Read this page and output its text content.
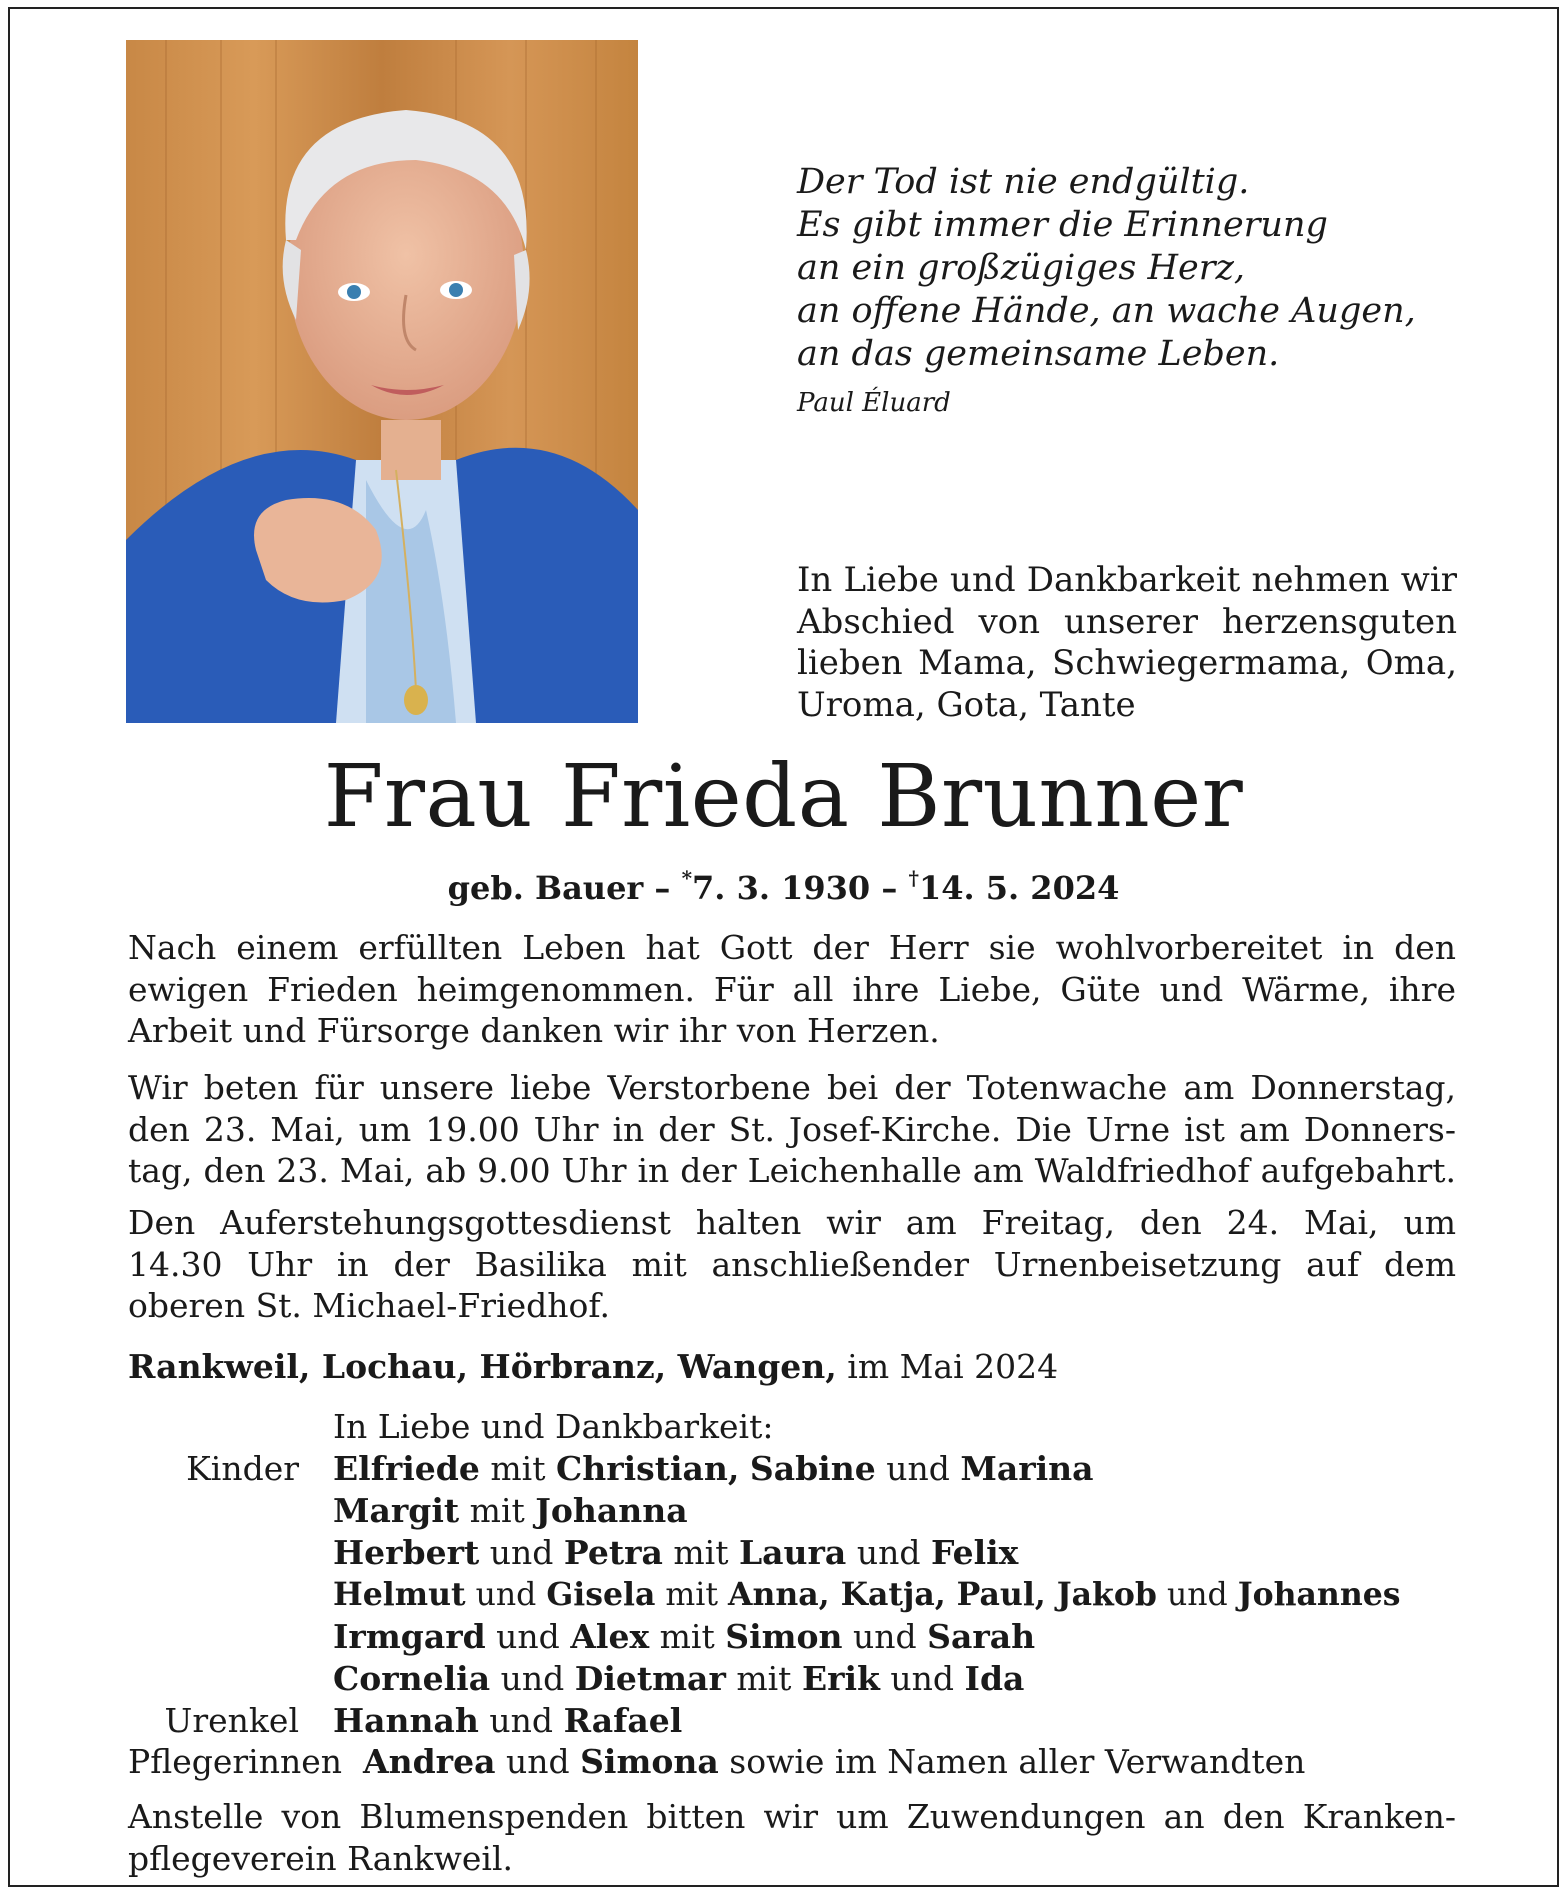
Der Tod ist nie endgültig.
Es gibt immer die Erinnerung
an ein großzügiges Herz,
an offene Hände, an wache Augen,
an das gemeinsame Leben.
Paul Éluard
In Liebe und Dankbarkeit nehmen wir
Abschied von unserer herzensguten
lieben Mama, Schwiegermama, Oma,
Uroma, Gota, Tante
Frau Frieda Brunner
geb. Bauer – *7. 3. 1930 – †14. 5. 2024
Nach einem erfüllten Leben hat Gott der Herr sie wohlvorbereitet in den
ewigen Frieden heimgenommen. Für all ihre Liebe, Güte und Wärme, ihre
Arbeit und Fürsorge danken wir ihr von Herzen.
Wir beten für unsere liebe Verstorbene bei der Totenwache am Donnerstag,
den 23. Mai, um 19.00 Uhr in der St. Josef-Kirche. Die Urne ist am Donners-
tag, den 23. Mai, ab 9.00 Uhr in der Leichenhalle am Waldfriedhof aufgebahrt.
Den Auferstehungsgottesdienst halten wir am Freitag, den 24. Mai, um
14.30 Uhr in der Basilika mit anschließender Urnenbeisetzung auf dem
oberen St. Michael-Friedhof.
Rankweil, Lochau, Hörbranz, Wangen, im Mai 2024
In Liebe und Dankbarkeit:
Kinder Elfriede mit Christian, Sabine und Marina
Margit mit Johanna
Herbert und Petra mit Laura und Felix
Helmut und Gisela mit Anna, Katja, Paul, Jakob und Johannes
Irmgard und Alex mit Simon und Sarah
Cornelia und Dietmar mit Erik und Ida
Urenkel Hannah und Rafael
Pflegerinnen Andrea und Simona sowie im Namen aller Verwandten
Anstelle von Blumenspenden bitten wir um Zuwendungen an den Kranken-
pflegeverein Rankweil.
